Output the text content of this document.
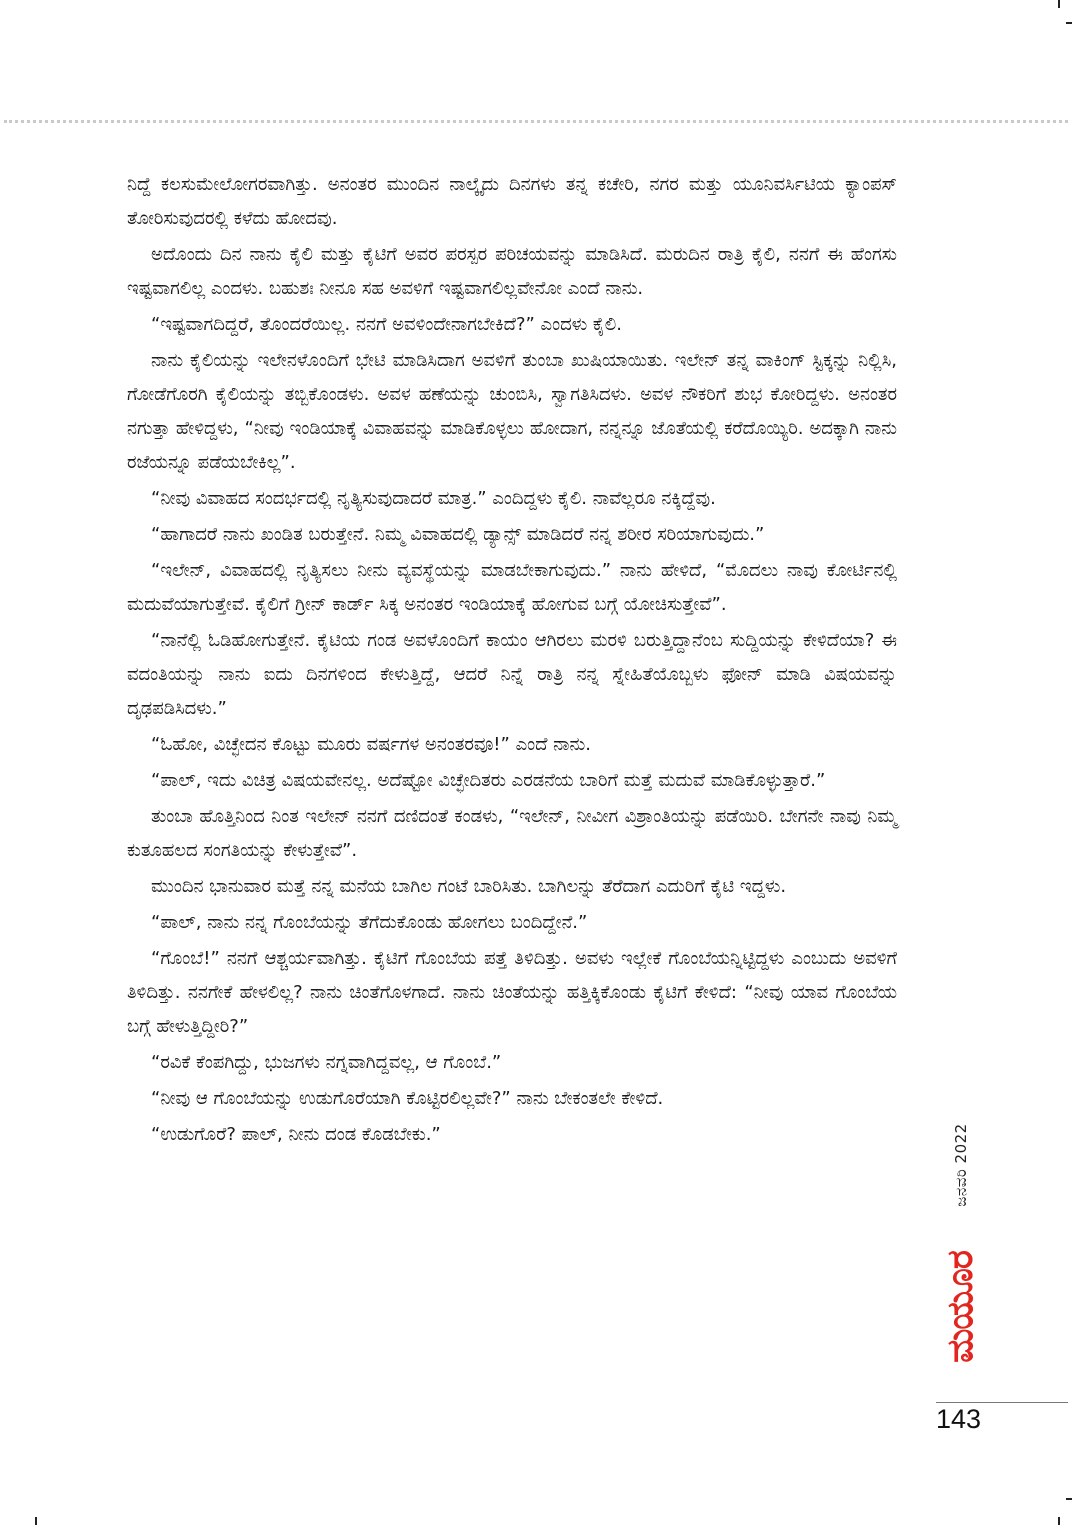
ನಿದ್ದೆ ಕಲಸುಮೇಲೋಗರವಾಗಿತ್ತು. ಅನಂತರ ಮುಂದಿನ ನಾಲ್ಕೈದು ದಿನಗಳು ತನ್ನ ಕಚೇರಿ, ನಗರ ಮತ್ತು ಯೂನಿವರ್ಸಿಟಿಯ ಕ್ಯಾಂಪಸ್ ತೋರಿಸುವುದರಲ್ಲಿ ಕಳೆದು ಹೋದವು.

ಅದೊಂದು ದಿನ ನಾನು ಕೈಲಿ ಮತ್ತು ಕೈಟಿಗೆ ಅವರ ಪರಸ್ಪರ ಪರಿಚಯವನ್ನು ಮಾಡಿಸಿದೆ. ಮರುದಿನ ರಾತ್ರಿ ಕೈಲಿ, ನನಗೆ ಈ ಹೆಂಗಸು ಇಷ್ಟವಾಗಲಿಲ್ಲ ಎಂದಳು. ಬಹುಶಃ ನೀನೂ ಸಹ ಅವಳಿಗೆ ಇಷ್ಟವಾಗಲಿಲ್ಲವೇನೋ ಎಂದೆ ನಾನು.

“ಇಷ್ಟವಾಗದಿದ್ದರೆ, ತೊಂದರೆಯಿಲ್ಲ. ನನಗೆ ಅವಳಿಂದೇನಾಗಬೇಕಿದೆ?” ಎಂದಳು ಕೈಲಿ.

ನಾನು ಕೈಲಿಯನ್ನು ಇಲೇನಳೊಂದಿಗೆ ಭೇಟಿ ಮಾಡಿಸಿದಾಗ ಅವಳಿಗೆ ತುಂಬಾ ಖುಷಿಯಾಯಿತು. ಇಲೇನ್ ತನ್ನ ವಾಕಿಂಗ್ ಸ್ಟಿಕ್ಕನ್ನು ನಿಲ್ಲಿಸಿ, ಗೋಡೆಗೊರಗಿ ಕೈಲಿಯನ್ನು ತಬ್ಬಿಕೊಂಡಳು. ಅವಳ ಹಣೆಯನ್ನು ಚುಂಬಿಸಿ, ಸ್ವಾಗತಿಸಿದಳು. ಅವಳ ನೌಕರಿಗೆ ಶುಭ ಕೋರಿದ್ದಳು. ಅನಂತರ ನಗುತ್ತಾ ಹೇಳಿದ್ದಳು, “ನೀವು ಇಂಡಿಯಾಕ್ಕೆ ವಿವಾಹವನ್ನು ಮಾಡಿಕೊಳ್ಳಲು ಹೋದಾಗ, ನನ್ನನ್ನೂ ಜೊತೆಯಲ್ಲಿ ಕರೆದೊಯ್ಯಿರಿ. ಅದಕ್ಕಾಗಿ ನಾನು ರಜೆಯನ್ನೂ ಪಡೆಯಬೇಕಿಲ್ಲ”.

“ನೀವು ವಿವಾಹದ ಸಂದರ್ಭದಲ್ಲಿ ನೃತ್ಯಿಸುವುದಾದರೆ ಮಾತ್ರ.” ಎಂದಿದ್ದಳು ಕೈಲಿ. ನಾವೆಲ್ಲರೂ ನಕ್ಕಿದ್ದೆವು.

“ಹಾಗಾದರೆ ನಾನು ಖಂಡಿತ ಬರುತ್ತೇನೆ. ನಿಮ್ಮ ವಿವಾಹದಲ್ಲಿ ಡ್ಯಾನ್ಸ್ ಮಾಡಿದರೆ ನನ್ನ ಶರೀರ ಸರಿಯಾಗುವುದು.”

“ಇಲೇನ್, ವಿವಾಹದಲ್ಲಿ ನೃತ್ಯಿಸಲು ನೀನು ವ್ಯವಸ್ಥೆಯನ್ನು ಮಾಡಬೇಕಾಗುವುದು.” ನಾನು ಹೇಳಿದೆ, “ಮೊದಲು ನಾವು ಕೋರ್ಟಿನಲ್ಲಿ ಮದುವೆಯಾಗುತ್ತೇವೆ. ಕೈಲಿಗೆ ಗ್ರೀನ್ ಕಾರ್ಡ್ ಸಿಕ್ಕ ಅನಂತರ ಇಂಡಿಯಾಕ್ಕೆ ಹೋಗುವ ಬಗ್ಗೆ ಯೋಚಿಸುತ್ತೇವೆ”.

“ನಾನೆಲ್ಲಿ ಓಡಿಹೋಗುತ್ತೇನೆ. ಕೈಟಿಯ ಗಂಡ ಅವಳೊಂದಿಗೆ ಕಾಯಂ ಆಗಿರಲು ಮರಳಿ ಬರುತ್ತಿದ್ದಾನೆಂಬ ಸುದ್ದಿಯನ್ನು ಕೇಳಿದೆಯಾ? ಈ ವದಂತಿಯನ್ನು ನಾನು ಐದು ದಿನಗಳಿಂದ ಕೇಳುತ್ತಿದ್ದೆ, ಆದರೆ ನಿನ್ನೆ ರಾತ್ರಿ ನನ್ನ ಸ್ನೇಹಿತೆಯೊಬ್ಬಳು ಫೋನ್ ಮಾಡಿ ವಿಷಯವನ್ನು ದೃಢಪಡಿಸಿದಳು.”

“ಓಹೋ, ವಿಚ್ಛೇದನ ಕೊಟ್ಟು ಮೂರು ವರ್ಷಗಳ ಅನಂತರವೂ!” ಎಂದೆ ನಾನು.

“ಪಾಲ್, ಇದು ವಿಚಿತ್ರ ವಿಷಯವೇನಲ್ಲ. ಅದೆಷ್ಟೋ ವಿಚ್ಛೇದಿತರು ಎರಡನೆಯ ಬಾರಿಗೆ ಮತ್ತೆ ಮದುವೆ ಮಾಡಿಕೊಳ್ಳುತ್ತಾರೆ.”

ತುಂಬಾ ಹೊತ್ತಿನಿಂದ ನಿಂತ ಇಲೇನ್ ನನಗೆ ದಣಿದಂತೆ ಕಂಡಳು, “ಇಲೇನ್, ನೀವೀಗ ವಿಶ್ರಾಂತಿಯನ್ನು ಪಡೆಯಿರಿ. ಬೇಗನೇ ನಾವು ನಿಮ್ಮ ಕುತೂಹಲದ ಸಂಗತಿಯನ್ನು ಕೇಳುತ್ತೇವೆ”.

ಮುಂದಿನ ಭಾನುವಾರ ಮತ್ತೆ ನನ್ನ ಮನೆಯ ಬಾಗಿಲ ಗಂಟೆ ಬಾರಿಸಿತು. ಬಾಗಿಲನ್ನು ತೆರೆದಾಗ ಎದುರಿಗೆ ಕೈಟಿ ಇದ್ದಳು.

“ಪಾಲ್, ನಾನು ನನ್ನ ಗೊಂಬೆಯನ್ನು ತೆಗೆದುಕೊಂಡು ಹೋಗಲು ಬಂದಿದ್ದೇನೆ.”

“ಗೊಂಬೆ!” ನನಗೆ ಆಶ್ಚರ್ಯವಾಗಿತ್ತು. ಕೈಟಿಗೆ ಗೊಂಬೆಯ ಪತ್ತೆ ತಿಳಿದಿತ್ತು. ಅವಳು ಇಲ್ಲೇಕೆ ಗೊಂಬೆಯನ್ನಿಟ್ಟಿದ್ದಳು ಎಂಬುದು ಅವಳಿಗೆ ತಿಳಿದಿತ್ತು. ನನಗೇಕೆ ಹೇಳಲಿಲ್ಲ? ನಾನು ಚಿಂತೆಗೊಳಗಾದೆ. ನಾನು ಚಿಂತೆಯನ್ನು ಹತ್ತಿಕ್ಕಿಕೊಂಡು ಕೈಟಿಗೆ ಕೇಳಿದೆ: “ನೀವು ಯಾವ ಗೊಂಬೆಯ ಬಗ್ಗೆ ಹೇಳುತ್ತಿದ್ದೀರಿ?”

“ರವಿಕೆ ಕೆಂಪಗಿದ್ದು, ಭುಜಗಳು ನಗ್ನವಾಗಿದ್ದವಲ್ಲ, ಆ ಗೊಂಬೆ.”

“ನೀವು ಆ ಗೊಂಬೆಯನ್ನು ಉಡುಗೊರೆಯಾಗಿ ಕೊಟ್ಟಿರಲಿಲ್ಲವೇ?” ನಾನು ಬೇಕಂತಲೇ ಕೇಳಿದೆ.

“ಉಡುಗೊರೆ? ಪಾಲ್, ನೀನು ದಂಡ ಕೊಡಬೇಕು.”	ಜನವರಿ 2022
ಮಯೂರ
143
